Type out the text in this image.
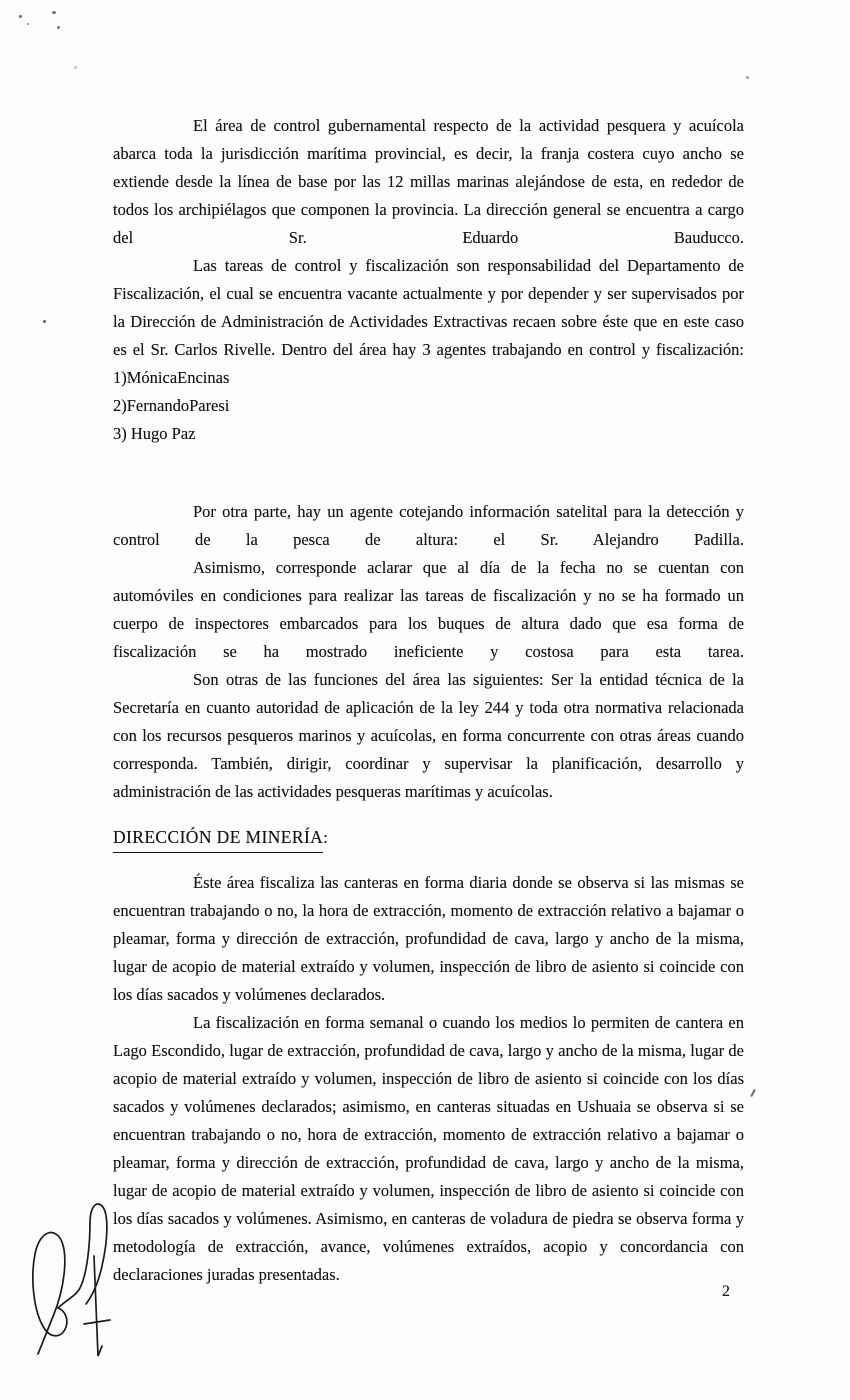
El área de control gubernamental respecto de la actividad pesquera y acuícola abarca toda la jurisdicción marítima provincial, es decir, la franja costera cuyo ancho se extiende desde la línea de base por las 12 millas marinas alejándose de esta, en rededor de todos los archipiélagos que componen la provincia. La dirección general se encuentra a cargo del Sr. Eduardo Bauducco.
Las tareas de control y fiscalización son responsabilidad del Departamento de Fiscalización, el cual se encuentra vacante actualmente y por depender y ser supervisados por la Dirección de Administración de Actividades Extractivas recaen sobre éste que en este caso es el Sr. Carlos Rivelle. Dentro del área hay 3 agentes trabajando en control y fiscalización:
1)MónicaEncinas
2)FernandoParesi
3) Hugo Paz
Por otra parte, hay un agente cotejando información satelital para la detección y control de la pesca de altura: el Sr. Alejandro Padilla.
Asimismo, corresponde aclarar que al día de la fecha no se cuentan con automóviles en condiciones para realizar las tareas de fiscalización y no se ha formado un cuerpo de inspectores embarcados para los buques de altura dado que esa forma de fiscalización se ha mostrado ineficiente y costosa para esta tarea.
Son otras de las funciones del área las siguientes: Ser la entidad técnica de la Secretaría en cuanto autoridad de aplicación de la ley 244 y toda otra normativa relacionada con los recursos pesqueros marinos y acuícolas, en forma concurrente con otras áreas cuando corresponda. También, dirigir, coordinar y supervisar la planificación, desarrollo y administración de las actividades pesqueras marítimas y acuícolas.
DIRECCIÓN DE MINERÍA:
Éste área fiscaliza las canteras en forma diaria donde se observa si las mismas se encuentran trabajando o no, la hora de extracción, momento de extracción relativo a bajamar o pleamar, forma y dirección de extracción, profundidad de cava, largo y ancho de la misma, lugar de acopio de material extraído y volumen, inspección de libro de asiento si coincide con los días sacados y volúmenes declarados.
La fiscalización en forma semanal o cuando los medios lo permiten de cantera en Lago Escondido, lugar de extracción, profundidad de cava, largo y ancho de la misma, lugar de acopio de material extraído y volumen, inspección de libro de asiento si coincide con los días sacados y volúmenes declarados; asimismo, en canteras situadas en Ushuaia se observa si se encuentran trabajando o no, hora de extracción, momento de extracción relativo a bajamar o pleamar, forma y dirección de extracción, profundidad de cava, largo y ancho de la misma, lugar de acopio de material extraído y volumen, inspección de libro de asiento si coincide con los días sacados y volúmenes. Asimismo, en canteras de voladura de piedra se observa forma y metodología de extracción, avance, volúmenes extraídos, acopio y concordancia con declaraciones juradas presentadas.
2
